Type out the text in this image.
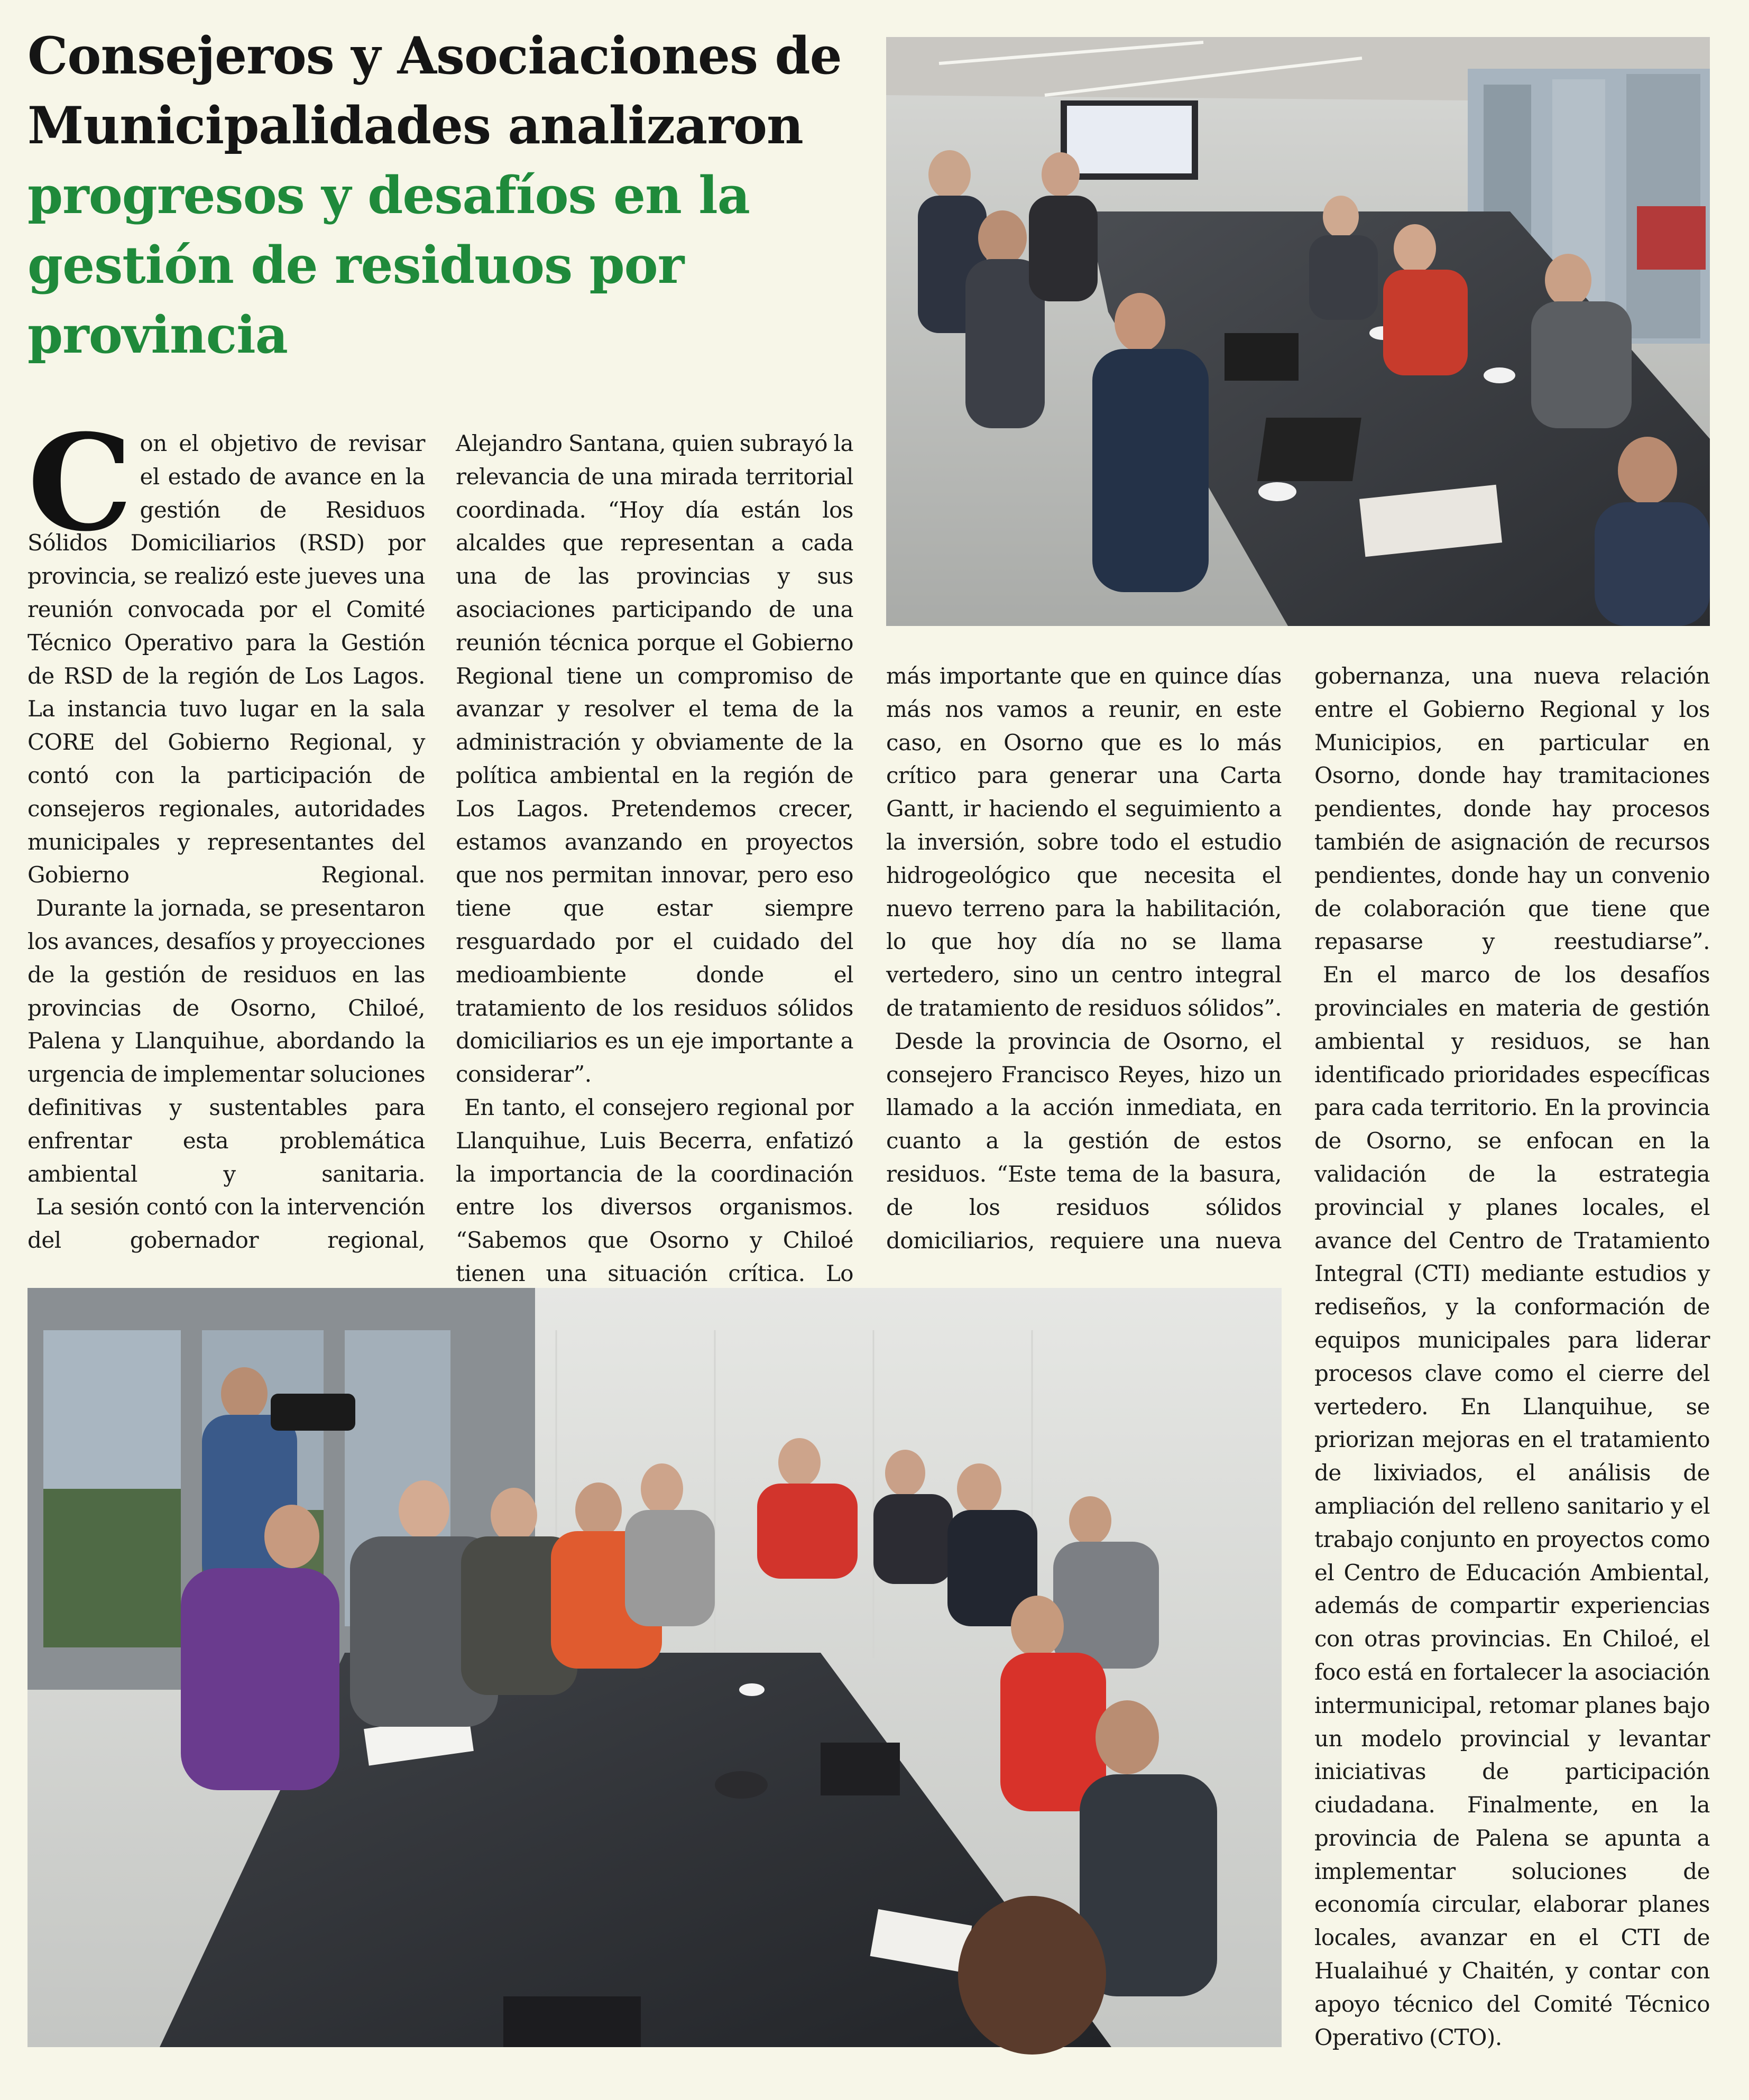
Consejeros y Asociaciones de Municipalidades analizaron progresos y desafíos en la gestión de residuos por provincia
C on el objetivo de revisar el estado de avance en la gestión de Residuos Sólidos Domiciliarios (RSD) por provincia, se realizó este jueves una reunión convocada por el Comité Técnico Operativo para la Gestión de RSD de la región de Los Lagos. La instancia tuvo lugar en la sala CORE del Gobierno Regional, y contó con la participación de consejeros regionales, autoridades municipales y representantes del Gobierno Regional.

Durante la jornada, se presentaron los avances, desafíos y proyecciones de la gestión de residuos en las provincias de Osorno, Chiloé, Palena y Llanquihue, abordando la urgencia de implementar soluciones definitivas y sustentables para enfrentar esta problemática ambiental y sanitaria.

La sesión contó con la intervención del gobernador regional,

Alejandro Santana, quien subrayó la relevancia de una mirada territorial coordinada. “Hoy día están los alcaldes que representan a cada una de las provincias y sus asociaciones participando de una reunión técnica porque el Gobierno Regional tiene un compromiso de avanzar y resolver el tema de la administración y obviamente de la política ambiental en la región de Los Lagos. Pretendemos crecer, estamos avanzando en proyectos que nos permitan innovar, pero eso tiene que estar siempre resguardado por el cuidado del medioambiente donde el tratamiento de los residuos sólidos domiciliarios es un eje importante a considerar”.

En tanto, el consejero regional por Llanquihue, Luis Becerra, enfatizó la importancia de la coordinación entre los diversos organismos. “Sabemos que Osorno y Chiloé tienen una situación crítica. Lo

más importante que en quince días más nos vamos a reunir, en este caso, en Osorno que es lo más crítico para generar una Carta Gantt, ir haciendo el seguimiento a la inversión, sobre todo el estudio hidrogeológico que necesita el nuevo terreno para la habilitación, lo que hoy día no se llama vertedero, sino un centro integral de tratamiento de residuos sólidos”.

Desde la provincia de Osorno, el consejero Francisco Reyes, hizo un llamado a la acción inmediata, en cuanto a la gestión de estos residuos. “Este tema de la basura, de los residuos sólidos domiciliarios, requiere una nueva

gobernanza, una nueva relación entre el Gobierno Regional y los Municipios, en particular en Osorno, donde hay tramitaciones pendientes, donde hay procesos también de asignación de recursos pendientes, donde hay un convenio de colaboración que tiene que repasarse y reestudiarse”.

En el marco de los desafíos provinciales en materia de gestión ambiental y residuos, se han identificado prioridades específicas para cada territorio. En la provincia de Osorno, se enfocan en la validación de la estrategia provincial y planes locales, el avance del Centro de Tratamiento Integral (CTI) mediante estudios y rediseños, y la conformación de equipos municipales para liderar procesos clave como el cierre del vertedero. En Llanquihue, se priorizan mejoras en el tratamiento de lixiviados, el análisis de ampliación del relleno sanitario y el trabajo conjunto en proyectos como el Centro de Educación Ambiental, además de compartir experiencias con otras provincias. En Chiloé, el foco está en fortalecer la asociación intermunicipal, retomar planes bajo un modelo provincial y levantar iniciativas de participación ciudadana. Finalmente, en la provincia de Palena se apunta a implementar soluciones de economía circular, elaborar planes locales, avanzar en el CTI de Hualaihué y Chaitén, y contar con apoyo técnico del Comité Técnico Operativo (CTO).
